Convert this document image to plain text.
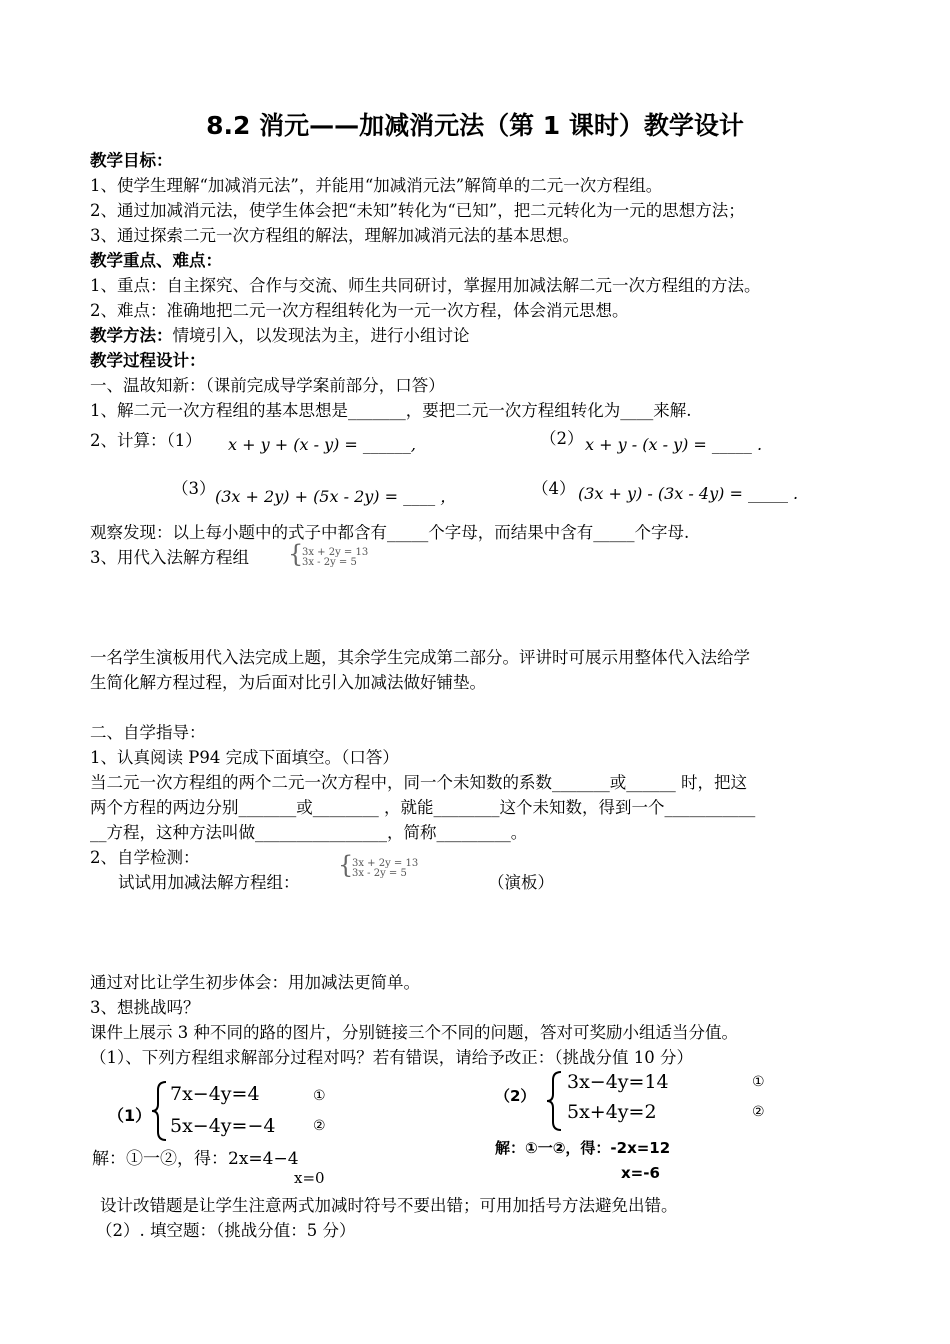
8.2 消元——加减消元法（第 1 课时）教学设计
教学目标：
1、使学生理解“加减消元法”，并能用“加减消元法”解简单的二元一次方程组。
2、通过加减消元法，使学生体会把“未知”转化为“已知”，把二元转化为一元的思想方法；
3、通过探索二元一次方程组的解法，理解加减消元法的基本思想。
教学重点、难点：
1、重点：自主探究、合作与交流、师生共同研讨，掌握用加减法解二元一次方程组的方法。
2、难点：准确地把二元一次方程组转化为一元一次方程，体会消元思想。
教学方法：情境引入，以发现法为主，进行小组讨论
教学过程设计：
一、温故知新：（课前完成导学案前部分，口答）
1、解二元一次方程组的基本思想是_______，要把二元一次方程组转化为____来解.
2、计算：（1） x + y + (x - y) = ______,	（2） x + y - (x - y) = _____ .
（3） (3x + 2y) + (5x - 2y) = ____ ，	（4） (3x + y) - (3x - 4y) = _____ .
观察发现：以上每小题中的式子中都含有_____个字母，而结果中含有_____个字母.
3、用代入法解方程组 {
3x + 2y = 13
3x - 2y = 5
一名学生演板用代入法完成上题，其余学生完成第二部分。评讲时可展示用整体代入法给学
生简化解方程过程，为后面对比引入加减法做好铺垫。
二、自学指导：
1、认真阅读 P94 完成下面填空。（口答）
当二元一次方程组的两个二元一次方程中，同一个未知数的系数_______或______ 时，把这
两个方程的两边分别_______或________ ，就能________这个未知数，得到一个___________
__方程，这种方法叫做________________，简称_________。
2、自学检测：
试试用加减法解方程组：
{
3x + 2y = 13
3x - 2y = 5	（演板）
通过对比让学生初步体会：用加减法更简单。
3、想挑战吗？
课件上展示 3 种不同的路的图片，分别链接三个不同的问题，答对可奖励小组适当分值。
（1）、下列方程组求解部分过程对吗？若有错误，请给予改正：（挑战分值 10 分）
（1）
7x−4y=4
5x−4y=−4
①
②
解：①一②，得：2x=4−4
x=0
（2）
3x−4y=14
5x+4y=2
①
②
解：①一②，得：-2x=12
x=-6
设计改错题是让学生注意两式加减时符号不要出错；可用加括号方法避免出错。
（2）. 填空题：（挑战分值：5 分）
